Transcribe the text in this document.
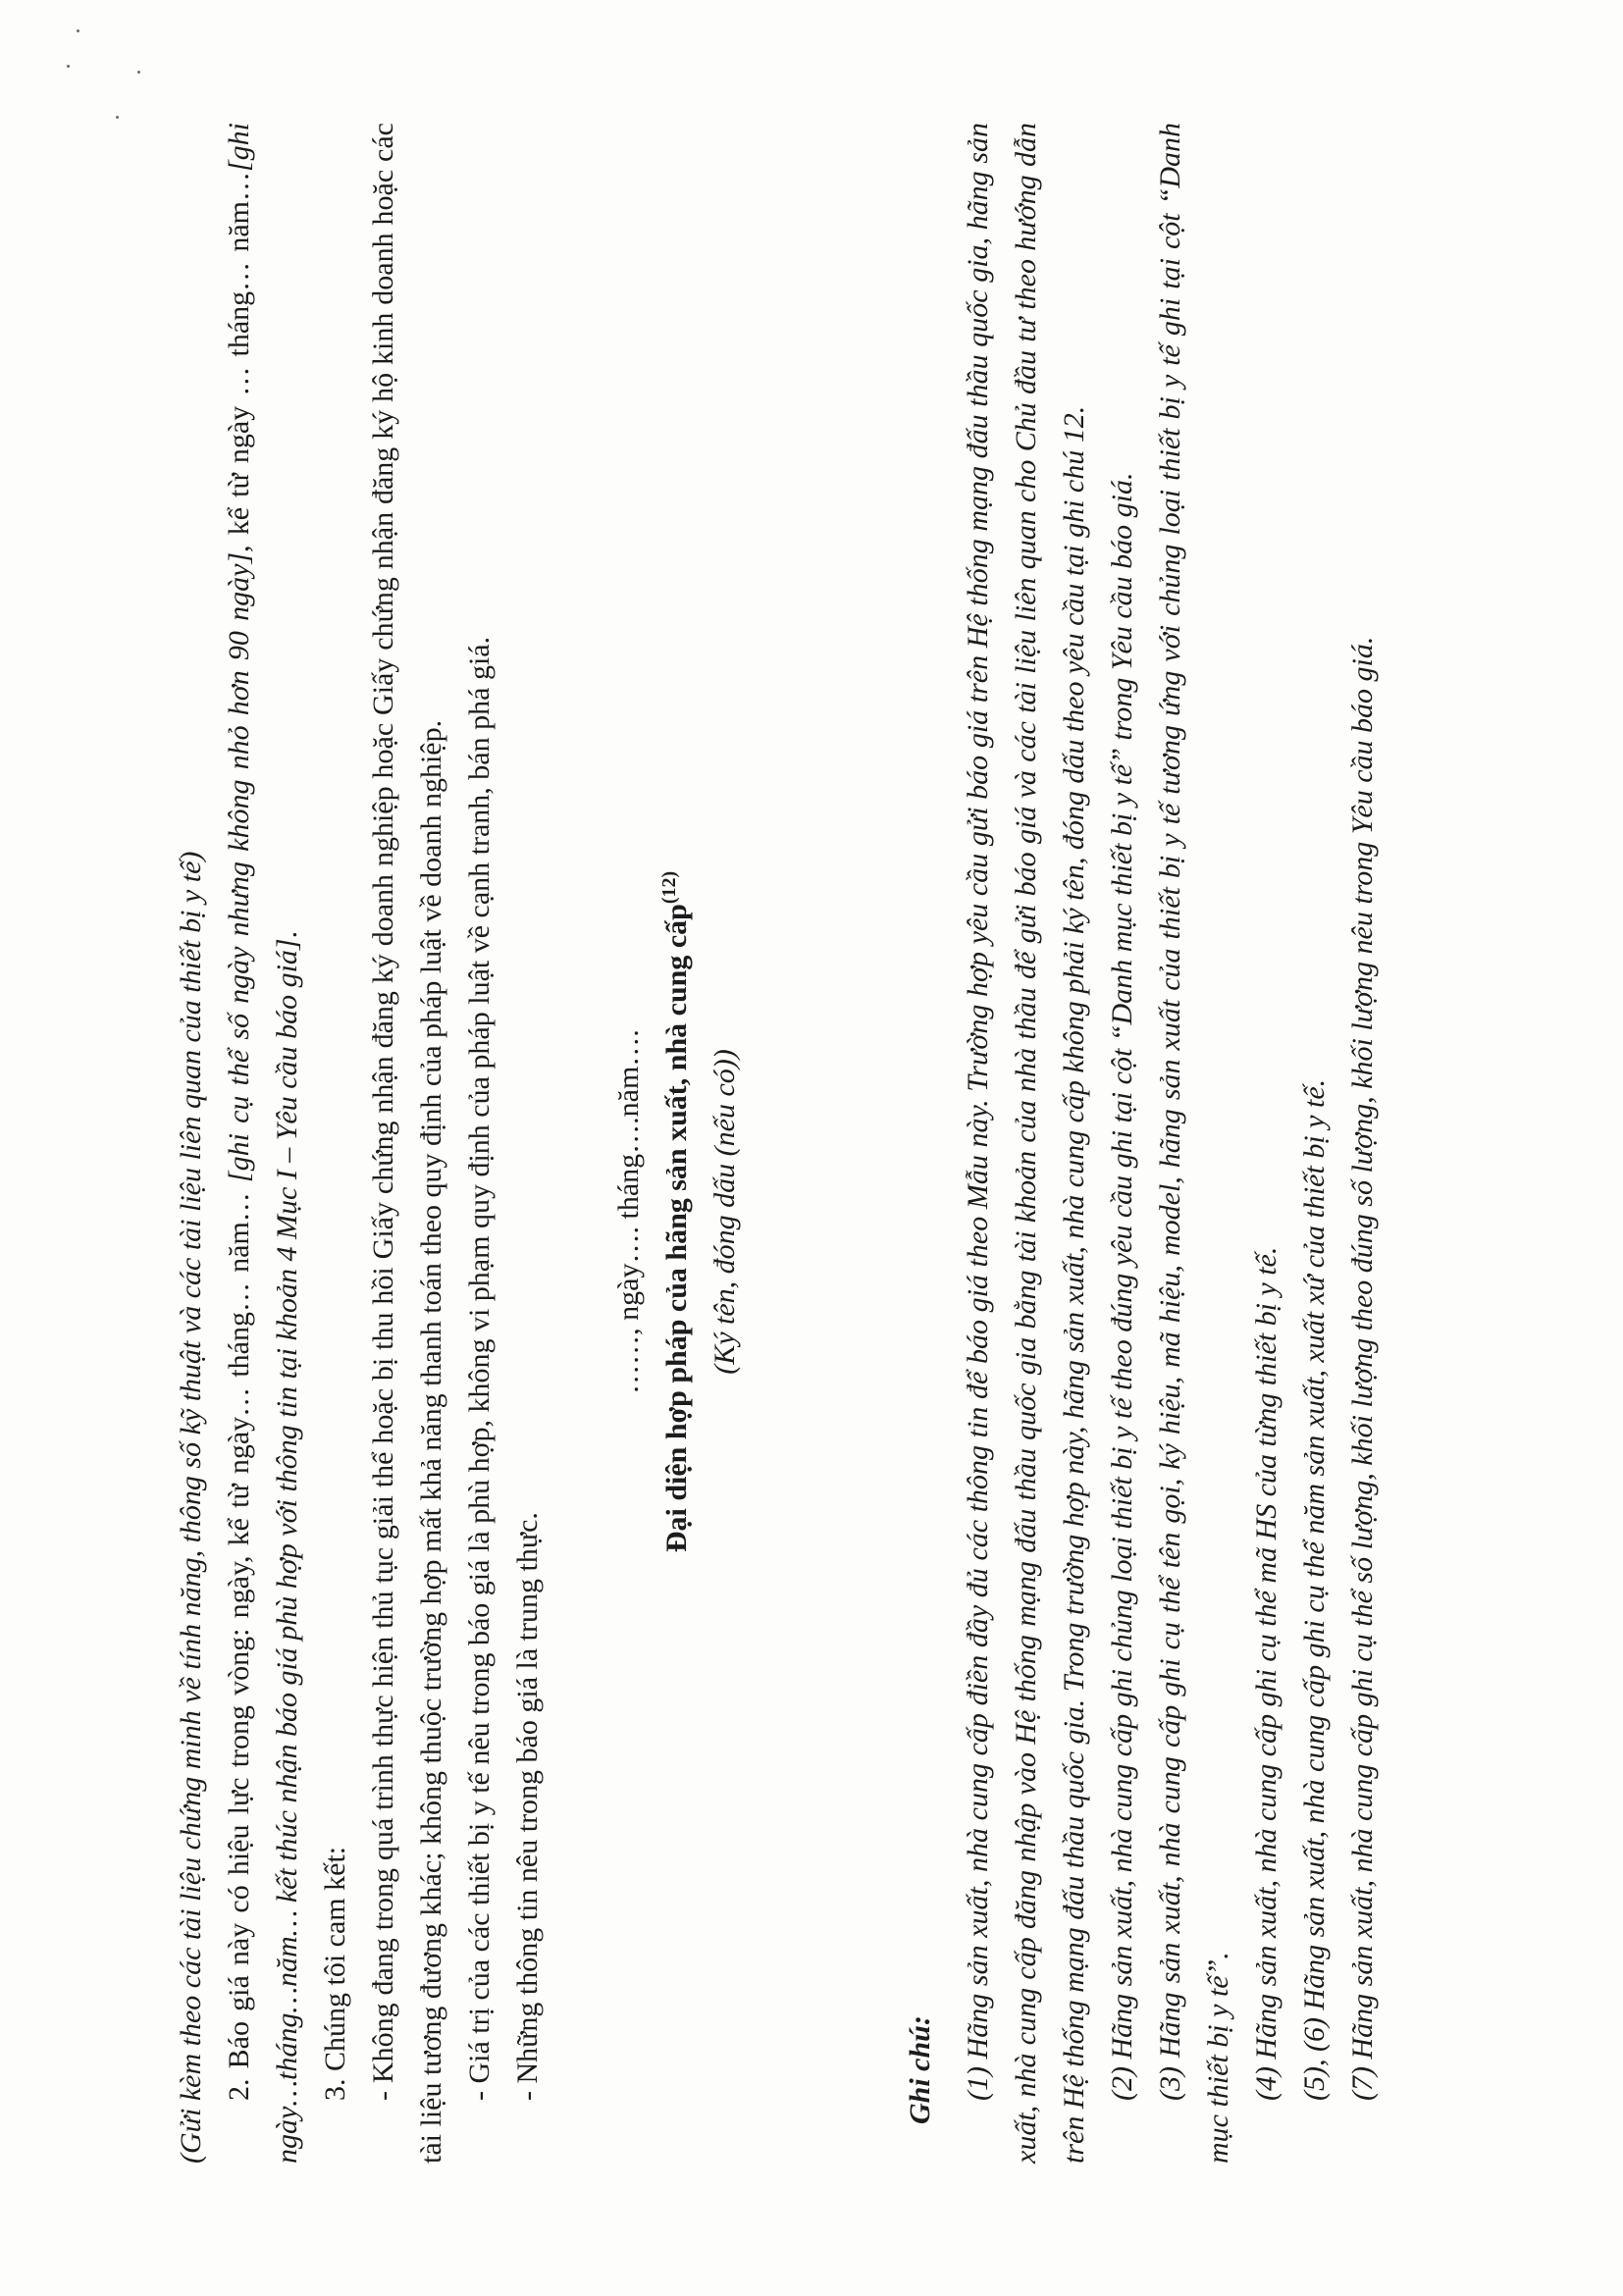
(Gửi kèm theo các tài liệu chứng minh về tính năng, thông số kỹ thuật và các tài liệu liên quan của thiết bị y tế) 2. Báo giá này có hiệu lực trong vòng: ngày, kể từ ngày… tháng… năm… [ghi cụ thể số ngày nhưng không nhỏ hơn 90 ngày], kể từ ngày … tháng… năm…[ghi ngày…tháng…năm… kết thúc nhận báo giá phù hợp với thông tin tại khoản 4 Mục I – Yêu cầu báo giá].

3. Chúng tôi cam kết: - Không đang trong quá trình thực hiện thủ tục giải thể hoặc bị thu hồi Giấy chứng nhận đăng ký doanh nghiệp hoặc Giấy chứng nhận đăng ký hộ kinh doanh hoặc các tài liệu tương đương khác; không thuộc trường hợp mất khả năng thanh toán theo quy định của pháp luật về doanh nghiệp. - Giá trị của các thiết bị y tế nêu trong báo giá là phù hợp, không vi phạm quy định của pháp luật về cạnh tranh, bán phá giá. - Những thông tin nêu trong báo giá là trung thực.

……, ngày…. tháng….năm…. Đại diện hợp pháp của hãng sản xuất, nhà cung cấp$^{(12)}$

(Ký tên, đóng dấu (nếu có))

Ghi chú: (1) Hãng sản xuất, nhà cung cấp điền đầy đủ các thông tin để báo giá theo Mẫu này. Trường hợp yêu cầu gửi báo giá trên Hệ thống mạng đấu thầu quốc gia, hãng sản xuất, nhà cung cấp đăng nhập vào Hệ thống mạng đấu thầu quốc gia bằng tài khoản của nhà thầu để gửi báo giá và các tài liệu liên quan cho Chủ đầu tư theo hướng dẫn trên Hệ thống mạng đấu thầu quốc gia. Trong trường hợp này, hãng sản xuất, nhà cung cấp không phải ký tên, đóng dấu theo yêu cầu tại ghi chú 12. (2) Hãng sản xuất, nhà cung cấp ghi chủng loại thiết bị y tế theo đúng yêu cầu ghi tại cột “Danh mục thiết bị y tế” trong Yêu cầu báo giá. (3) Hãng sản xuất, nhà cung cấp ghi cụ thể tên gọi, ký hiệu, mã hiệu, model, hãng sản xuất của thiết bị y tế tương ứng với chủng loại thiết bị y tế ghi tại cột “Danh mục thiết bị y tế”. (4) Hãng sản xuất, nhà cung cấp ghi cụ thể mã HS của từng thiết bị y tế. (5), (6) Hãng sản xuất, nhà cung cấp ghi cụ thể năm sản xuất, xuất xứ của thiết bị y tế. (7) Hãng sản xuất, nhà cung cấp ghi cụ thể số lượng, khối lượng theo đúng số lượng, khối lượng nêu trong Yêu cầu báo giá.
